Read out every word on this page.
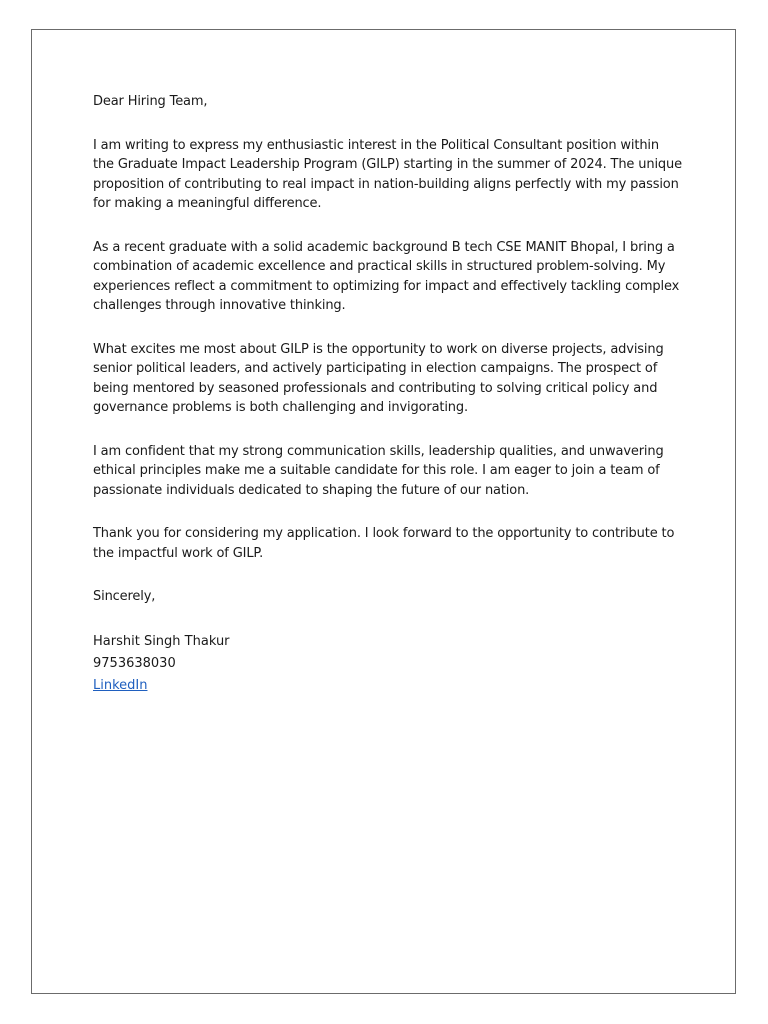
Dear Hiring Team,

I am writing to express my enthusiastic interest in the Political Consultant position within the Graduate Impact Leadership Program (GILP) starting in the summer of 2024. The unique proposition of contributing to real impact in nation-building aligns perfectly with my passion for making a meaningful difference.

As a recent graduate with a solid academic background B tech CSE MANIT Bhopal, I bring a combination of academic excellence and practical skills in structured problem-solving. My experiences reflect a commitment to optimizing for impact and effectively tackling complex challenges through innovative thinking.

What excites me most about GILP is the opportunity to work on diverse projects, advising senior political leaders, and actively participating in election campaigns. The prospect of being mentored by seasoned professionals and contributing to solving critical policy and governance problems is both challenging and invigorating.

I am confident that my strong communication skills, leadership qualities, and unwavering ethical principles make me a suitable candidate for this role. I am eager to join a team of passionate individuals dedicated to shaping the future of our nation.

Thank you for considering my application. I look forward to the opportunity to contribute to the impactful work of GILP.

Sincerely,

Harshit Singh Thakur
9753638030
LinkedIn
